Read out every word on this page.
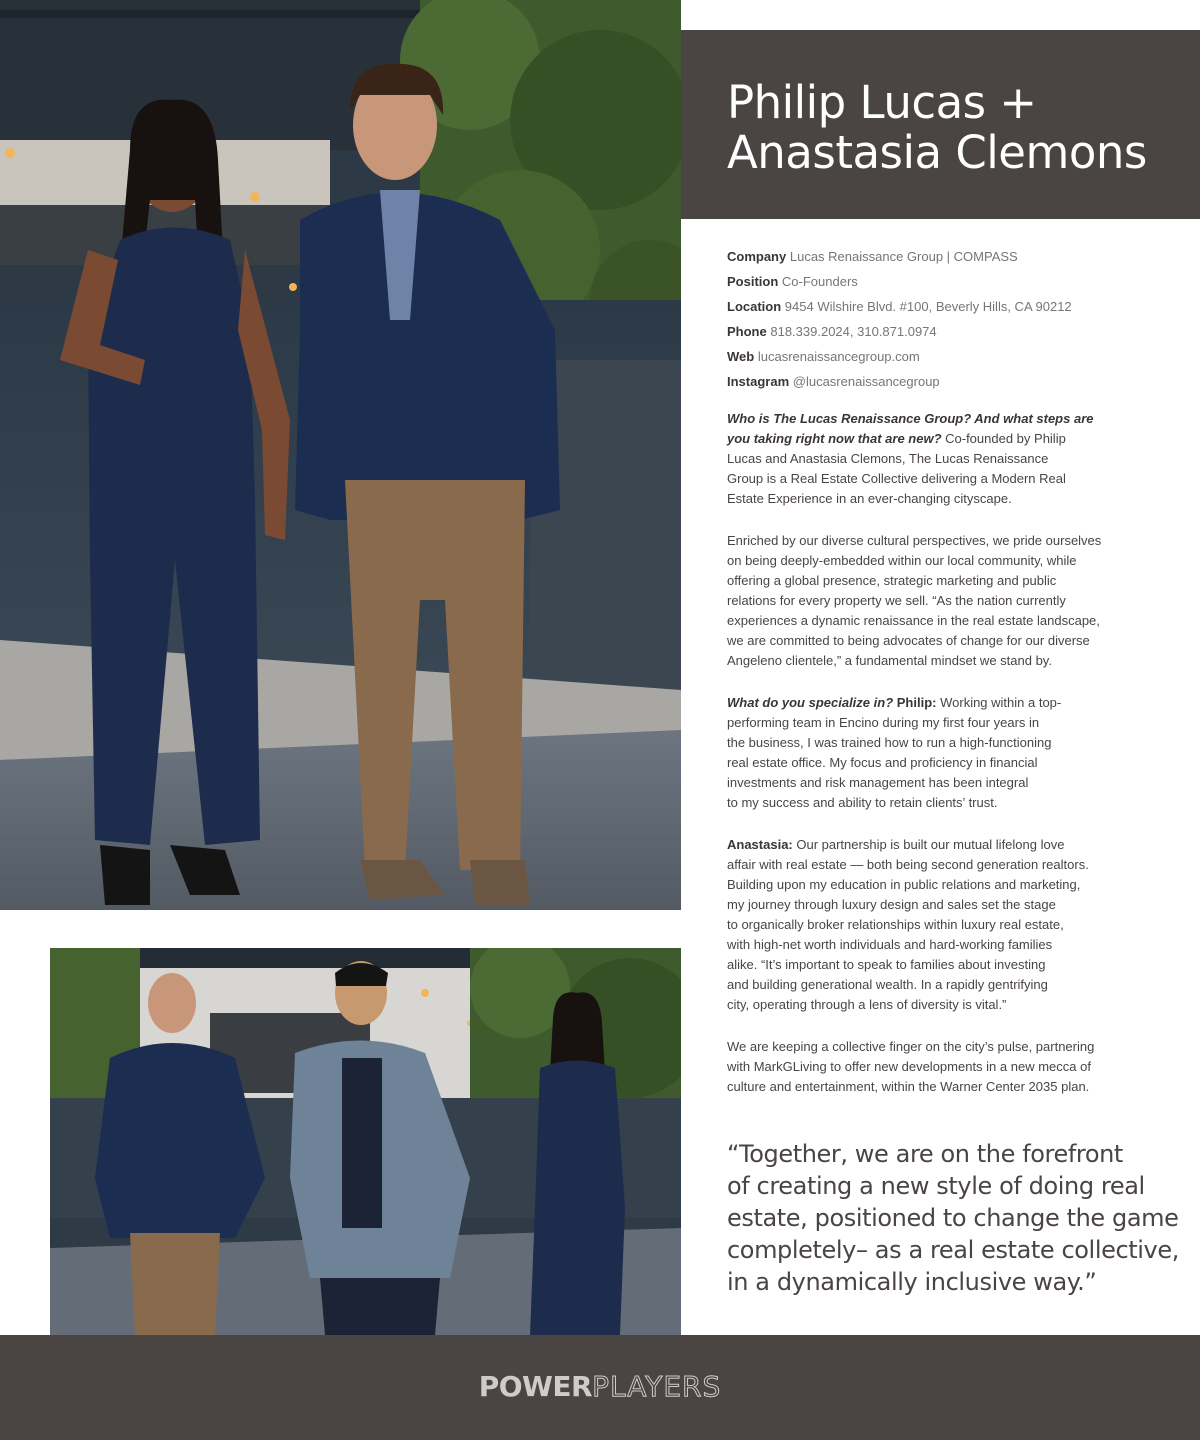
Philip Lucas +
Anastasia Clemons
Company Lucas Renaissance Group | COMPASS
Position Co-Founders
Location 9454 Wilshire Blvd. #100, Beverly Hills, CA 90212
Phone 818.339.2024, 310.871.0974
Web lucasrenaissancegroup.com
Instagram @lucasrenaissancegroup

Who is The Lucas Renaissance Group? And what steps are
you taking right now that are new? Co-founded by Philip
Lucas and Anastasia Clemons, The Lucas Renaissance
Group is a Real Estate Collective delivering a Modern Real
Estate Experience in an ever-changing cityscape.

Enriched by our diverse cultural perspectives, we pride ourselves
on being deeply-embedded within our local community, while
offering a global presence, strategic marketing and public
relations for every property we sell. “As the nation currently
experiences a dynamic renaissance in the real estate landscape,
we are committed to being advocates of change for our diverse
Angeleno clientele,” a fundamental mindset we stand by.

What do you specialize in? Philip: Working within a top-
performing team in Encino during my first four years in
the business, I was trained how to run a high-functioning
real estate office. My focus and proficiency in financial
investments and risk management has been integral
to my success and ability to retain clients’ trust.

Anastasia: Our partnership is built our mutual lifelong love
affair with real estate — both being second generation realtors.
Building upon my education in public relations and marketing,
my journey through luxury design and sales set the stage
to organically broker relationships within luxury real estate,
with high-net worth individuals and hard-working families
alike. “It’s important to speak to families about investing
and building generational wealth. In a rapidly gentrifying
city, operating through a lens of diversity is vital.”

We are keeping a collective finger on the city’s pulse, partnering
with MarkGLiving to offer new developments in a new mecca of
culture and entertainment, within the Warner Center 2035 plan.

“Together, we are on the forefront
of creating a new style of doing real
estate, positioned to change the game
completely– as a real estate collective,
in a dynamically inclusive way.”
POWERPLAYERS
